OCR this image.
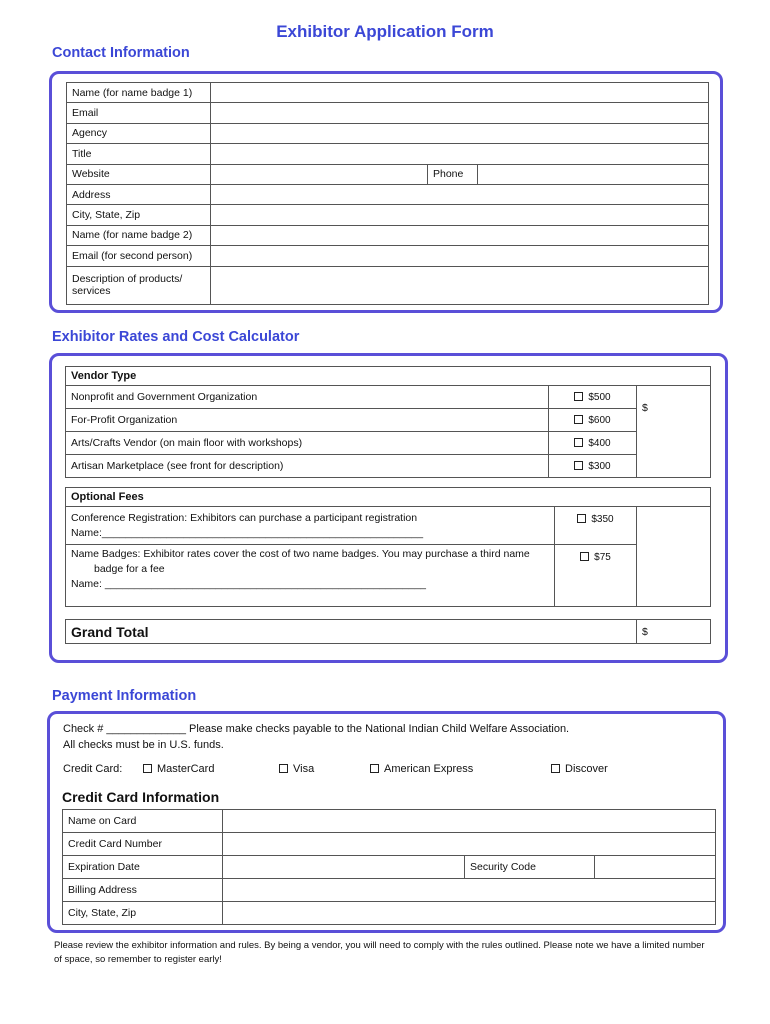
Exhibitor Application Form
Contact Information
Name (for name badge 1)			
Email			
Agency			
Title			
Website		Phone	
Address			
City, State, Zip			
Name (for name badge 2)			
Email (for second person)			
Description of products/ services			
Exhibitor Rates and Cost Calculator
Vendor Type		
Nonprofit and Government Organization	$500	$
For-Profit Organization	$600	
Arts/Crafts Vendor (on main floor with workshops)	$400	
Artisan Marketplace (see front for description)	$300	
Optional Fees		

Conference Registration: Exhibitors can purchase a participant registration
Name:_______________________________________________________	$350	

Name Badges: Exhibitor rates cover the cost of two name badges. You may purchase a third name badge for a fee
Name: _______________________________________________________	$75	
Grand Total	$
Payment Information
Check # _____________ Please make checks payable to the National Indian Child Welfare Association.
All checks must be in U.S. funds.
Credit Card:	MasterCard	Visa	American Express	Discover
Credit Card Information
Name on Card			
Credit Card Number			
Expiration Date		Security Code	
Billing Address			
City, State, Zip			
Please review the exhibitor information and rules. By being a vendor, you will need to comply with the rules outlined. Please note we have a limited number of space, so remember to register early!
